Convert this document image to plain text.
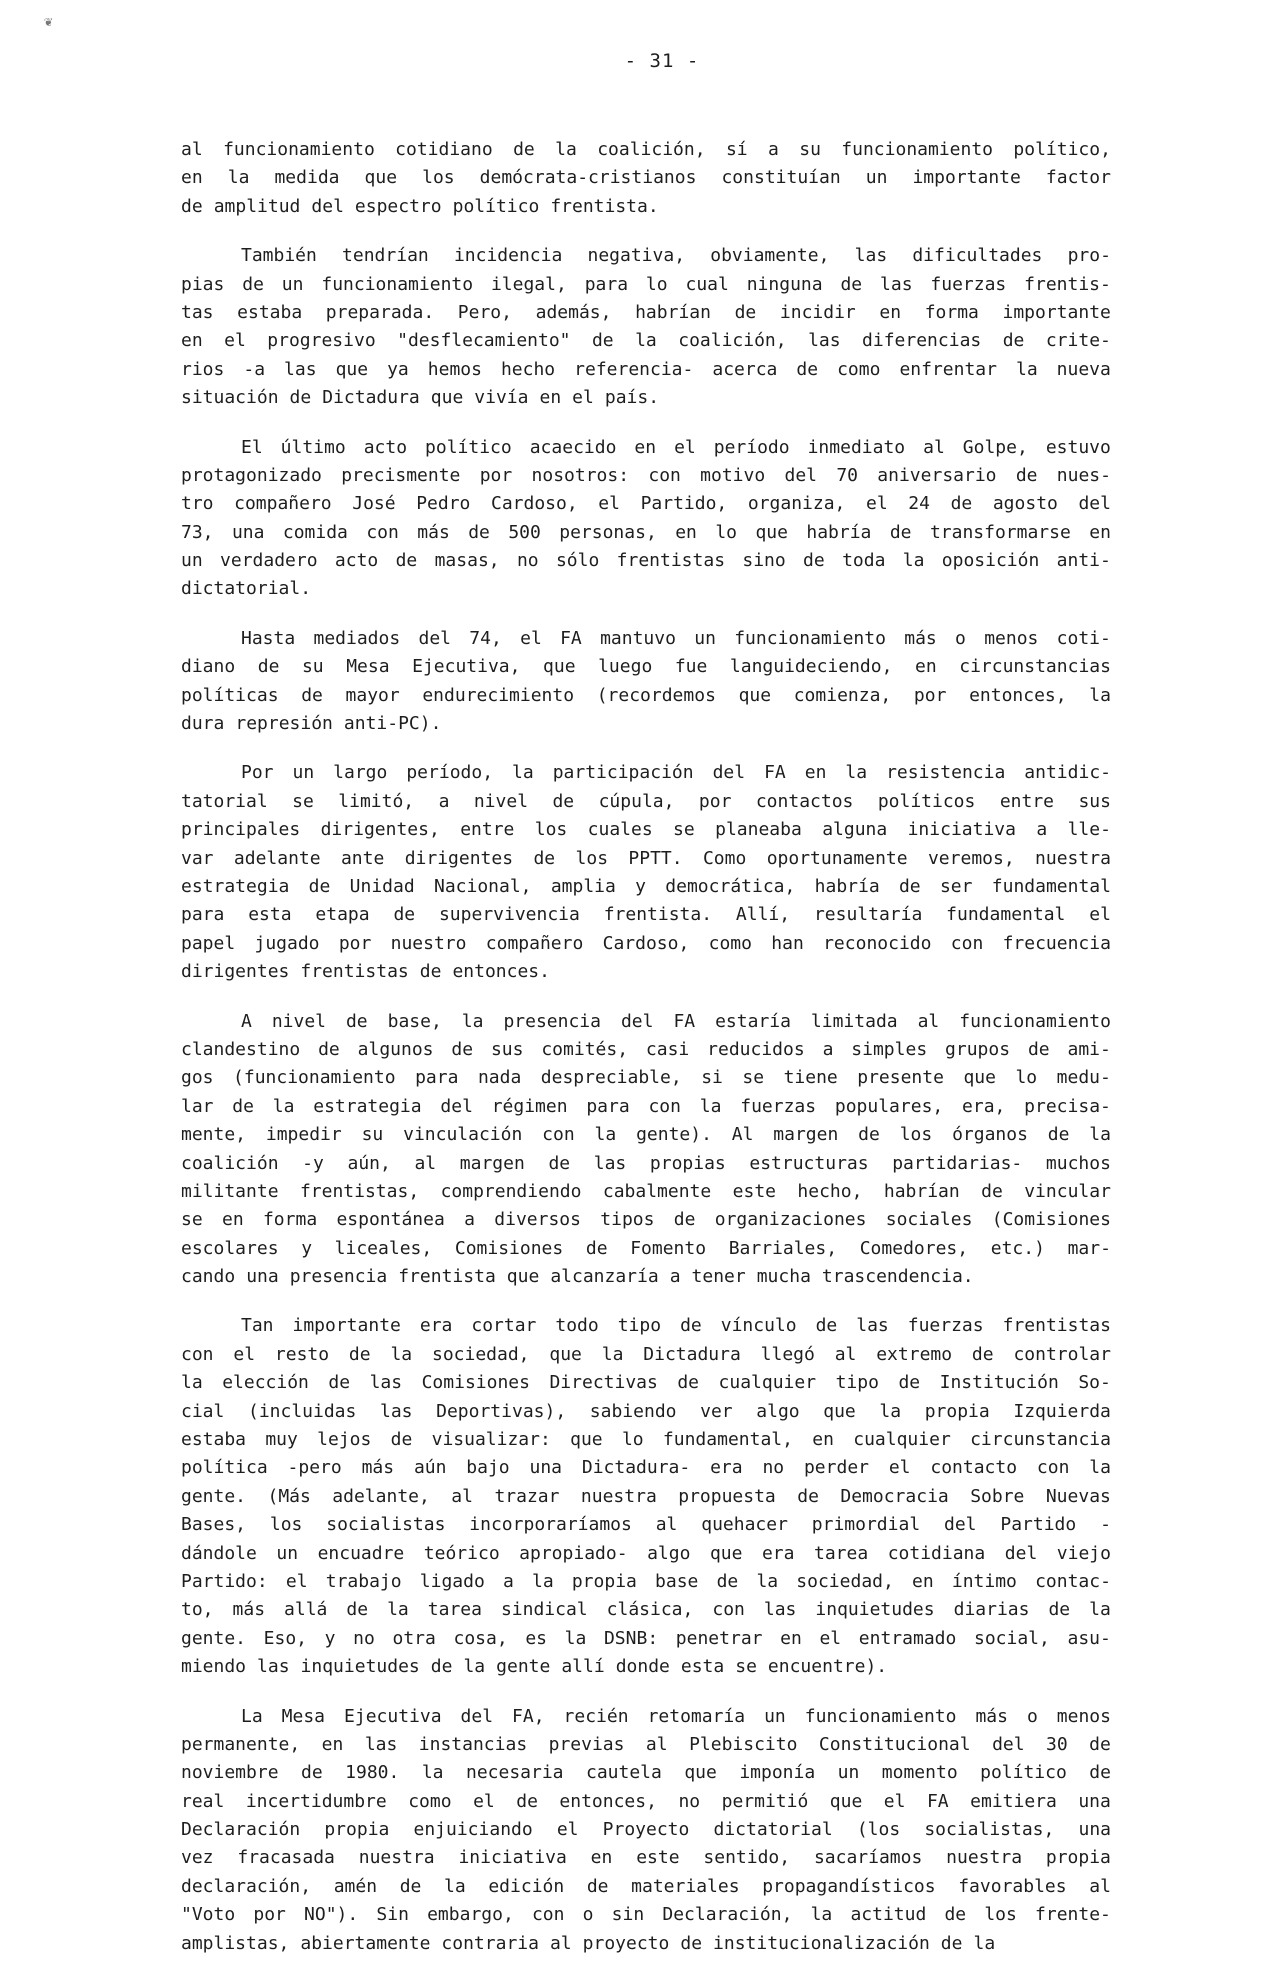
❦
- 31 -
al funcionamiento cotidiano de la coalición, sí a su funcionamiento político,
en la medida que los demócrata-cristianos constituían un importante factor
de amplitud del espectro político frentista.
También tendrían incidencia negativa, obviamente, las dificultades pro-
pias de un funcionamiento ilegal, para lo cual ninguna de las fuerzas frentis-
tas estaba preparada. Pero, además, habrían de incidir en forma importante
en el progresivo "desflecamiento" de la coalición, las diferencias de crite-
rios -a las que ya hemos hecho referencia- acerca de como enfrentar la nueva
situación de Dictadura que vivía en el país.
El último acto político acaecido en el período inmediato al Golpe, estuvo
protagonizado precismente por nosotros: con motivo del 70 aniversario de nues-
tro compañero José Pedro Cardoso, el Partido, organiza, el 24 de agosto del
73, una comida con más de 500 personas, en lo que habría de transformarse en
un verdadero acto de masas, no sólo frentistas sino de toda la oposición anti-
dictatorial.
Hasta mediados del 74, el FA mantuvo un funcionamiento más o menos coti-
diano de su Mesa Ejecutiva, que luego fue languideciendo, en circunstancias
políticas de mayor endurecimiento (recordemos que comienza, por entonces, la
dura represión anti-PC).
Por un largo período, la participación del FA en la resistencia antidic-
tatorial se limitó, a nivel de cúpula, por contactos políticos entre sus
principales dirigentes, entre los cuales se planeaba alguna iniciativa a lle-
var adelante ante dirigentes de los PPTT. Como oportunamente veremos, nuestra
estrategia de Unidad Nacional, amplia y democrática, habría de ser fundamental
para esta etapa de supervivencia frentista. Allí, resultaría fundamental el
papel jugado por nuestro compañero Cardoso, como han reconocido con frecuencia
dirigentes frentistas de entonces.
A nivel de base, la presencia del FA estaría limitada al funcionamiento
clandestino de algunos de sus comités, casi reducidos a simples grupos de ami-
gos (funcionamiento para nada despreciable, si se tiene presente que lo medu-
lar de la estrategia del régimen para con la fuerzas populares, era, precisa-
mente, impedir su vinculación con la gente). Al margen de los órganos de la
coalición -y aún, al margen de las propias estructuras partidarias- muchos
militante frentistas, comprendiendo cabalmente este hecho, habrían de vincular
se en forma espontánea a diversos tipos de organizaciones sociales (Comisiones
escolares y liceales, Comisiones de Fomento Barriales, Comedores, etc.) mar-
cando una presencia frentista que alcanzaría a tener mucha trascendencia.
Tan importante era cortar todo tipo de vínculo de las fuerzas frentistas
con el resto de la sociedad, que la Dictadura llegó al extremo de controlar
la elección de las Comisiones Directivas de cualquier tipo de Institución So-
cial (incluidas las Deportivas), sabiendo ver algo que la propia Izquierda
estaba muy lejos de visualizar: que lo fundamental, en cualquier circunstancia
política -pero más aún bajo una Dictadura- era no perder el contacto con la
gente. (Más adelante, al trazar nuestra propuesta de Democracia Sobre Nuevas
Bases, los socialistas incorporaríamos al quehacer primordial del Partido -
dándole un encuadre teórico apropiado- algo que era tarea cotidiana del viejo
Partido: el trabajo ligado a la propia base de la sociedad, en íntimo contac-
to, más allá de la tarea sindical clásica, con las inquietudes diarias de la
gente. Eso, y no otra cosa, es la DSNB: penetrar en el entramado social, asu-
miendo las inquietudes de la gente allí donde esta se encuentre).
La Mesa Ejecutiva del FA, recién retomaría un funcionamiento más o menos
permanente, en las instancias previas al Plebiscito Constitucional del 30 de
noviembre de 1980. la necesaria cautela que imponía un momento político de
real incertidumbre como el de entonces, no permitió que el FA emitiera una
Declaración propia enjuiciando el Proyecto dictatorial (los socialistas, una
vez fracasada nuestra iniciativa en este sentido, sacaríamos nuestra propia
declaración, amén de la edición de materiales propagandísticos favorables al
"Voto por NO"). Sin embargo, con o sin Declaración, la actitud de los frente-
amplistas, abiertamente contraria al proyecto de institucionalización de la
